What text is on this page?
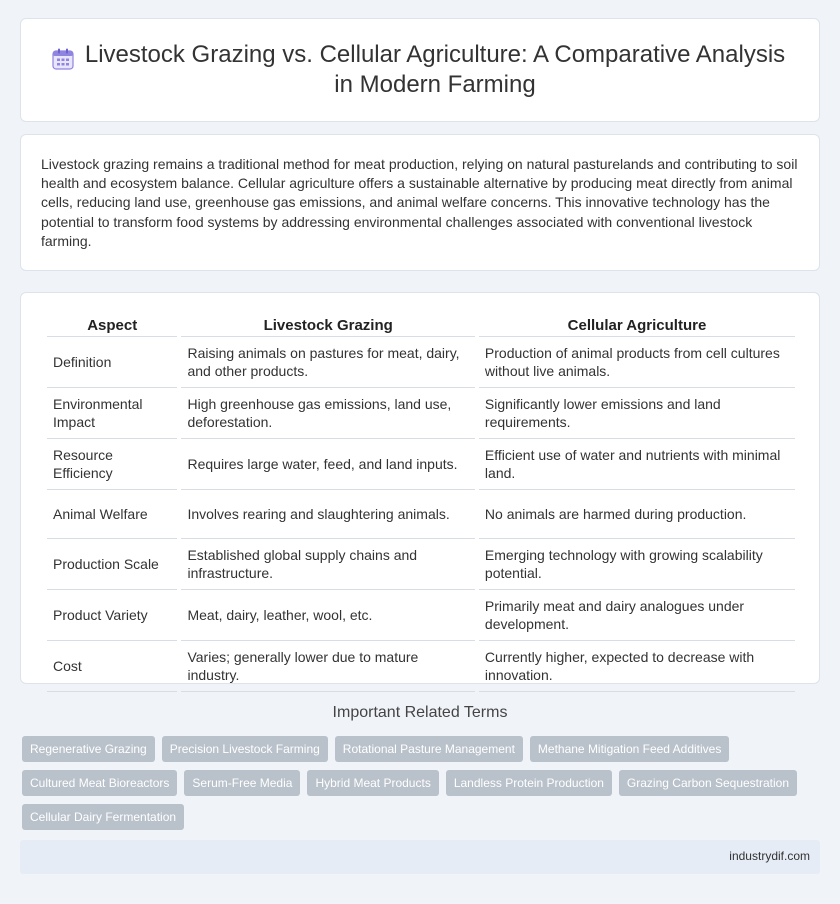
Livestock Grazing vs. Cellular Agriculture: A Comparative Analysis in Modern Farming

Livestock grazing remains a traditional method for meat production, relying on natural pasturelands and contributing to soil health and ecosystem balance. Cellular agriculture offers a sustainable alternative by producing meat directly from animal cells, reducing land use, greenhouse gas emissions, and animal welfare concerns. This innovative technology has the potential to transform food systems by addressing environmental challenges associated with conventional livestock farming.

Aspect	Livestock Grazing	Cellular Agriculture
Definition	Raising animals on pastures for meat, dairy, and other products.	Production of animal products from cell cultures without live animals.
Environmental Impact	High greenhouse gas emissions, land use, deforestation.	Significantly lower emissions and land requirements.
Resource Efficiency	Requires large water, feed, and land inputs.	Efficient use of water and nutrients with minimal land.
Animal Welfare	Involves rearing and slaughtering animals.	No animals are harmed during production.
Production Scale	Established global supply chains and infrastructure.	Emerging technology with growing scalability potential.
Product Variety	Meat, dairy, leather, wool, etc.	Primarily meat and dairy analogues under development.
Cost	Varies; generally lower due to mature industry.	Currently higher, expected to decrease with innovation.
Important Related Terms
Regenerative Grazing	Precision Livestock Farming	Rotational Pasture Management	Methane Mitigation Feed Additives
Cultured Meat Bioreactors	Serum-Free Media	Hybrid Meat Products	Landless Protein Production	Grazing Carbon Sequestration
Cellular Dairy Fermentation
industrydif.com
